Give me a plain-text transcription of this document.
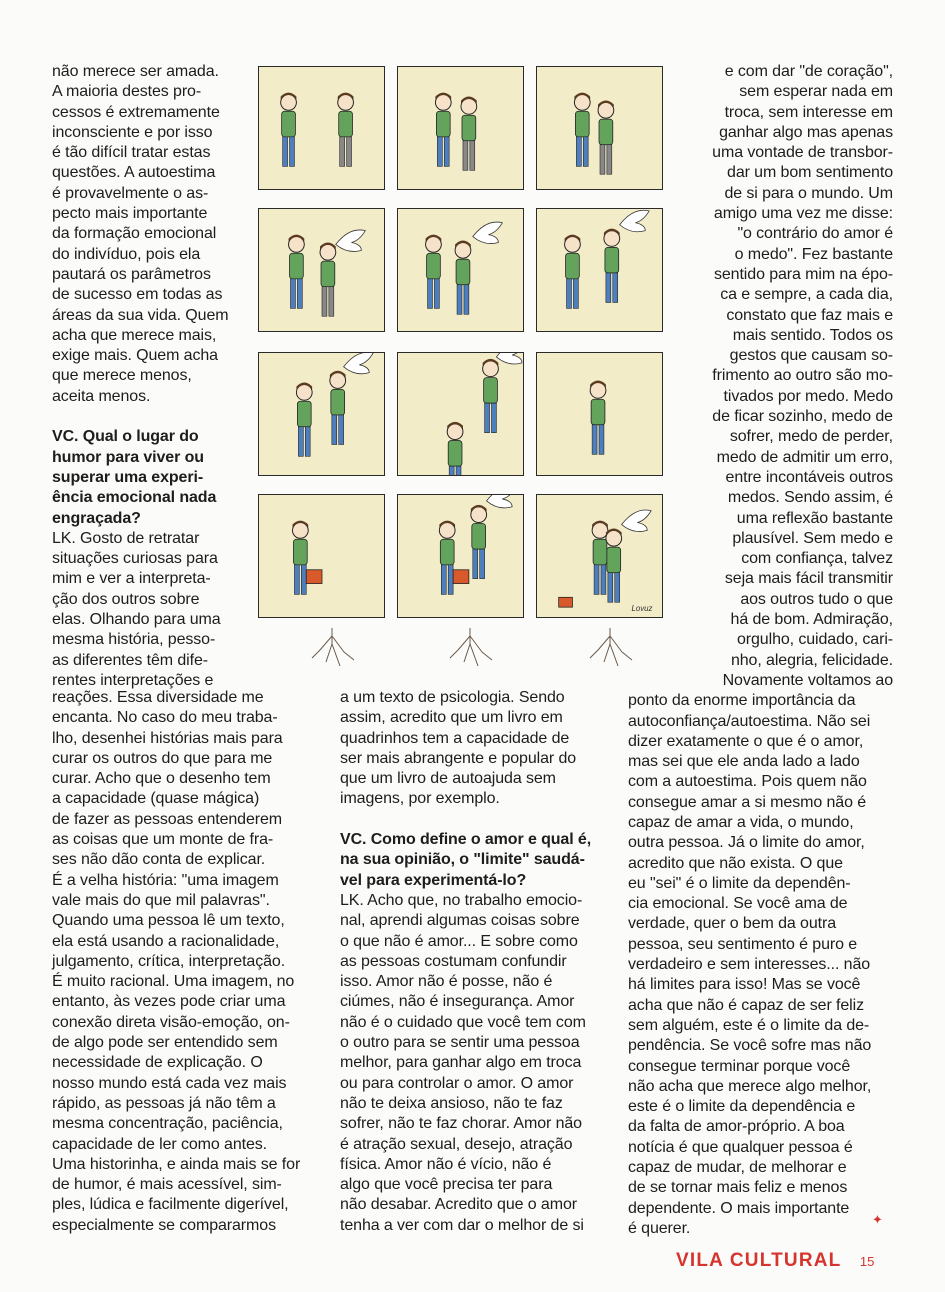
não merece ser amada.

A maioria destes pro-

cessos é extremamente

inconsciente e por isso

é tão difícil tratar estas

questões. A autoestima

é provavelmente o as-

pecto mais importante

da formação emocional

do indivíduo, pois ela

pautará os parâmetros

de sucesso em todas as

áreas da sua vida. Quem

acha que merece mais,

exige mais. Quem acha

que merece menos,

aceita menos.

VC. Qual o lugar do

humor para viver ou

superar uma experi-

ência emocional nada

engraçada?

LK. Gosto de retratar

situações curiosas para

mim e ver a interpreta-

ção dos outros sobre

elas. Olhando para uma

mesma história, pesso-

as diferentes têm dife-

rentes interpretações e

reações. Essa diversidade me

encanta. No caso do meu traba-

lho, desenhei histórias mais para

curar os outros do que para me

curar. Acho que o desenho tem

a capacidade (quase mágica)

de fazer as pessoas entenderem

as coisas que um monte de fra-

ses não dão conta de explicar.

É a velha história: "uma imagem

vale mais do que mil palavras".

Quando uma pessoa lê um texto,

ela está usando a racionalidade,

julgamento, crítica, interpretação.

É muito racional. Uma imagem, no

entanto, às vezes pode criar uma

conexão direta visão-emoção, on-

de algo pode ser entendido sem

necessidade de explicação. O

nosso mundo está cada vez mais

rápido, as pessoas já não têm a

mesma concentração, paciência,

capacidade de ler como antes.

Uma historinha, e ainda mais se for

de humor, é mais acessível, sim-

ples, lúdica e facilmente digerível,

especialmente se compararmos

a um texto de psicologia. Sendo

assim, acredito que um livro em

quadrinhos tem a capacidade de

ser mais abrangente e popular do

que um livro de autoajuda sem

imagens, por exemplo.

VC. Como define o amor e qual é,

na sua opinião, o "limite" saudá-

vel para experimentá-lo?

LK. Acho que, no trabalho emocio-

nal, aprendi algumas coisas sobre

o que não é amor... E sobre como

as pessoas costumam confundir

isso. Amor não é posse, não é

ciúmes, não é insegurança. Amor

não é o cuidado que você tem com

o outro para se sentir uma pessoa

melhor, para ganhar algo em troca

ou para controlar o amor. O amor

não te deixa ansioso, não te faz

sofrer, não te faz chorar. Amor não

é atração sexual, desejo, atração

física. Amor não é vício, não é

algo que você precisa ter para

não desabar. Acredito que o amor

tenha a ver com dar o melhor de si

e com dar "de coração",

sem esperar nada em

troca, sem interesse em

ganhar algo mas apenas

uma vontade de transbor-

dar um bom sentimento

de si para o mundo. Um

amigo uma vez me disse:

"o contrário do amor é

o medo". Fez bastante

sentido para mim na épo-

ca e sempre, a cada dia,

constato que faz mais e

mais sentido. Todos os

gestos que causam so-

frimento ao outro são mo-

tivados por medo. Medo

de ficar sozinho, medo de

sofrer, medo de perder,

medo de admitir um erro,

entre incontáveis outros

medos. Sendo assim, é

uma reflexão bastante

plausível. Sem medo e

com confiança, talvez

seja mais fácil transmitir

aos outros tudo o que

há de bom. Admiração,

orgulho, cuidado, cari-

nho, alegria, felicidade.

Novamente voltamos ao

ponto da enorme importância da

autoconfiança/autoestima. Não sei

dizer exatamente o que é o amor,

mas sei que ele anda lado a lado

com a autoestima. Pois quem não

consegue amar a si mesmo não é

capaz de amar a vida, o mundo,

outra pessoa. Já o limite do amor,

acredito que não exista. O que

eu "sei" é o limite da dependên-

cia emocional. Se você ama de

verdade, quer o bem da outra

pessoa, seu sentimento é puro e

verdadeiro e sem interesses... não

há limites para isso! Mas se você

acha que não é capaz de ser feliz

sem alguém, este é o limite da de-

pendência. Se você sofre mas não

consegue terminar porque você

não acha que merece algo melhor,

este é o limite da dependência e

da falta de amor-próprio. A boa

notícia é que qualquer pessoa é

capaz de mudar, de melhorar e

de se tornar mais feliz e menos

dependente. O mais importante

é querer.

Lovuz
✦
VILA CULTURAL 15
